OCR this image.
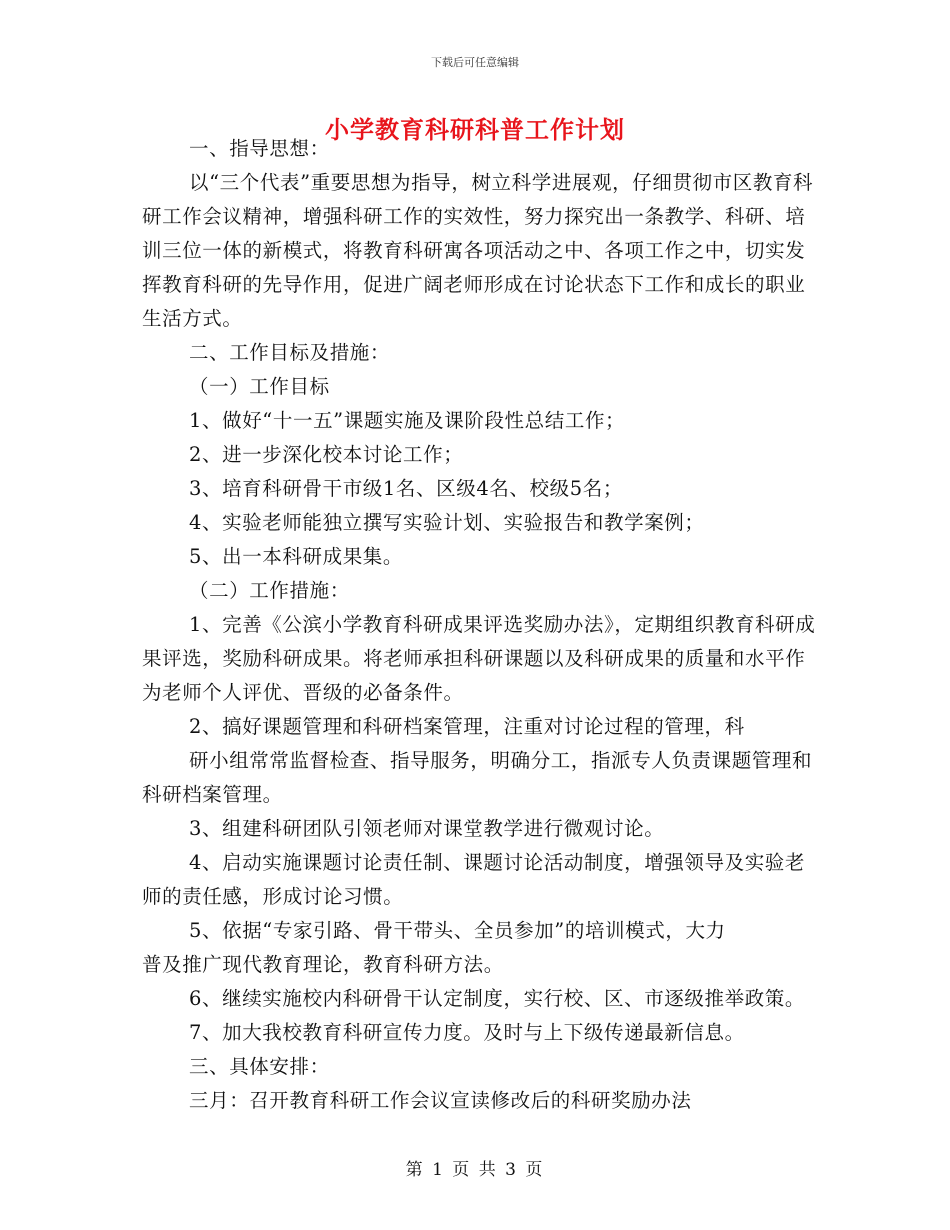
下载后可任意编辑
小学教育科研科普工作计划

一、指导思想：

以“三个代表”重要思想为指导，树立科学进展观，仔细贯彻市区教育科研工作会议精神，增强科研工作的实效性，努力探究出一条教学、科研、培训三位一体的新模式，将教育科研寓各项活动之中、各项工作之中，切实发挥教育科研的先导作用，促进广阔老师形成在讨论状态下工作和成长的职业生活方式。

二、工作目标及措施：

（一）工作目标

1、做好“十一五”课题实施及课阶段性总结工作；

2、进一步深化校本讨论工作；

3、培育科研骨干市级1名、区级4名、校级5名；

4、实验老师能独立撰写实验计划、实验报告和教学案例；

5、出一本科研成果集。

（二）工作措施：

1、完善《公滨小学教育科研成果评选奖励办法》，定期组织教育科研成果评选，奖励科研成果。将老师承担科研课题以及科研成果的质量和水平作为老师个人评优、晋级的必备条件。

2、搞好课题管理和科研档案管理，注重对讨论过程的管理，科

研小组常常监督检查、指导服务，明确分工，指派专人负责课题管理和科研档案管理。

3、组建科研团队引领老师对课堂教学进行微观讨论。

4、启动实施课题讨论责任制、课题讨论活动制度，增强领导及实验老师的责任感，形成讨论习惯。

5、依据“专家引路、骨干带头、全员参加”的培训模式，大力

普及推广现代教育理论，教育科研方法。

6、继续实施校内科研骨干认定制度，实行校、区、市逐级推举政策。

7、加大我校教育科研宣传力度。及时与上下级传递最新信息。

三、具体安排：

三月：召开教育科研工作会议宣读修改后的科研奖励办法

第 1 页 共 3 页
